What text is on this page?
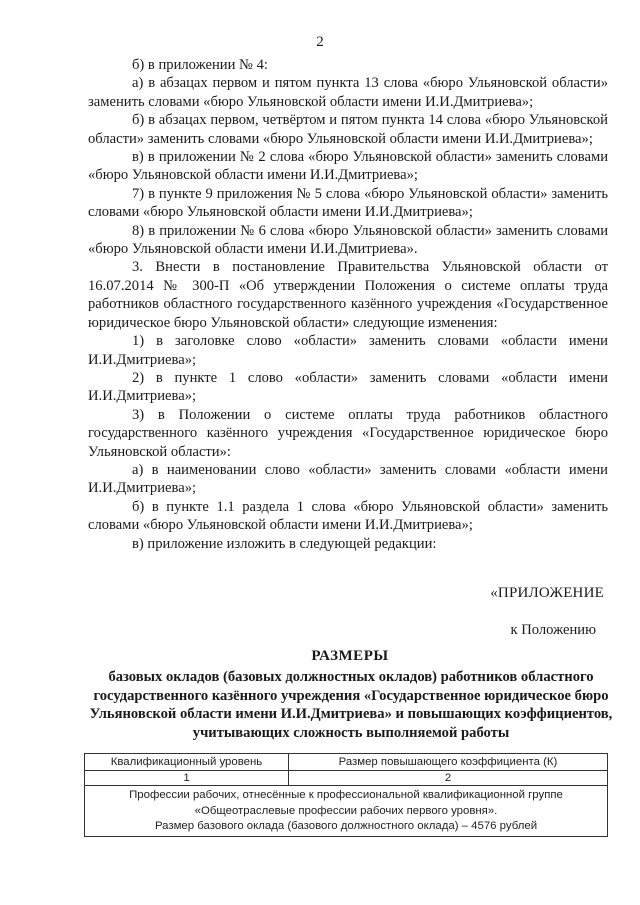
2

б) в приложении № 4:

а) в абзацах первом и пятом пункта 13 слова «бюро Ульяновской области» заменить словами «бюро Ульяновской области имени И.И.Дмитриева»;

б) в абзацах первом, четвёртом и пятом пункта 14 слова «бюро Ульяновской области» заменить словами «бюро Ульяновской области имени И.И.Дмитриева»;

в) в приложении № 2 слова «бюро Ульяновской области» заменить словами «бюро Ульяновской области имени И.И.Дмитриева»;

7) в пункте 9 приложения № 5 слова «бюро Ульяновской области» заменить словами «бюро Ульяновской области имени И.И.Дмитриева»;

8) в приложении № 6 слова «бюро Ульяновской области» заменить словами «бюро Ульяновской области имени И.И.Дмитриева».

3. Внести в постановление Правительства Ульяновской области от 16.07.2014 № 300-П «Об утверждении Положения о системе оплаты труда работников областного государственного казённого учреждения «Государственное юридическое бюро Ульяновской области» следующие изменения:

1) в заголовке слово «области» заменить словами «области имени И.И.Дмитриева»;

2) в пункте 1 слово «области» заменить словами «области имени И.И.Дмитриева»;

3) в Положении о системе оплаты труда работников областного государственного казённого учреждения «Государственное юридическое бюро Ульяновской области»:

а) в наименовании слово «области» заменить словами «области имени И.И.Дмитриева»;

б) в пункте 1.1 раздела 1 слова «бюро Ульяновской области» заменить словами «бюро Ульяновской области имени И.И.Дмитриева»;

в) приложение изложить в следующей редакции:

«ПРИЛОЖЕНИЕ
к Положению
РАЗМЕРЫ
базовых окладов (базовых должностных окладов) работников областного государственного казённого учреждения «Государственное юридическое бюро Ульяновской области имени И.И.Дмитриева» и повышающих коэффициентов, учитывающих сложность выполняемой работы
Квалификационный уровень	Размер повышающего коэффициента (К)
1	2

Профессии рабочих, отнесённые к профессиональной квалификационной группе
«Общеотраслевые профессии рабочих первого уровня».
Размер базового оклада (базового должностного оклада) – 4576 рублей	
